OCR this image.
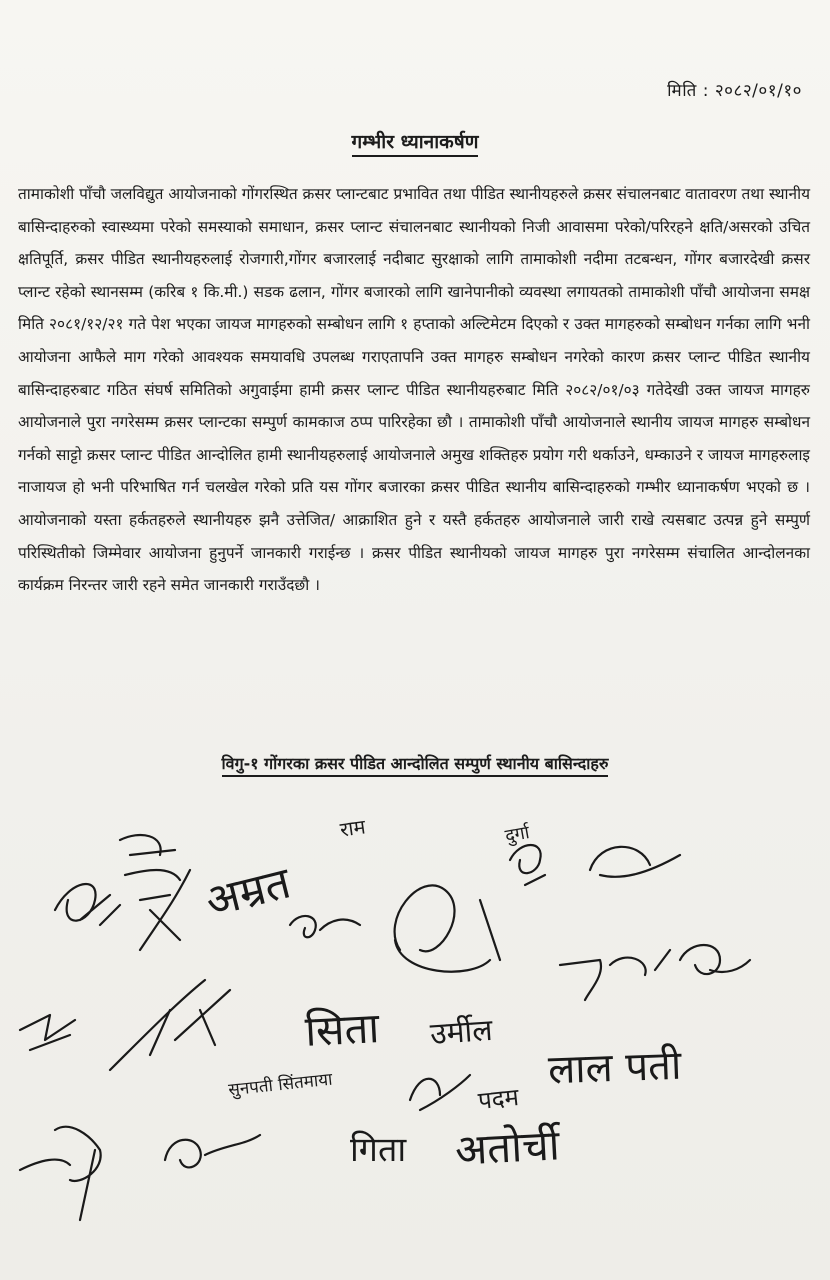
मिति : २०८२/०१/१०
गम्भीर ध्यानाकर्षण
तामाकोशी पाँचौ जलविद्युत आयोजनाको गोंगरस्थित क्रसर प्लान्टबाट प्रभावित तथा पीडित स्थानीयहरुले क्रसर संचालनबाट वातावरण तथा स्थानीय बासिन्दाहरुको स्वास्थ्यमा परेको समस्याको समाधान, क्रसर प्लान्ट संचालनबाट स्थानीयको निजी आवासमा परेको/परिरहने क्षति/असरको उचित क्षतिपूर्ति, क्रसर पीडित स्थानीयहरुलाई रोजगारी,गोंगर बजारलाई नदीबाट सुरक्षाको लागि तामाकोशी नदीमा तटबन्धन, गोंगर बजारदेखी क्रसर प्लान्ट रहेको स्थानसम्म (करिब १ कि.मी.) सडक ढलान, गोंगर बजारको लागि खानेपानीको व्यवस्था लगायतको तामाकोशी पाँचौ आयोजना समक्ष मिति २०८१/१२/२१ गते पेश भएका जायज मागहरुको सम्बोधन लागि १ हप्ताको अल्टिमेटम दिएको र उक्त मागहरुको सम्बोधन गर्नका लागि भनी आयोजना आफैले माग गरेको आवश्यक समयावधि उपलब्ध गराएतापनि उक्त मागहरु सम्बोधन नगरेको कारण क्रसर प्लान्ट पीडित स्थानीय बासिन्दाहरुबाट गठित संघर्ष समितिको अगुवाईमा हामी क्रसर प्लान्ट पीडित स्थानीयहरुबाट मिति २०८२/०१/०३ गतेदेखी उक्त जायज मागहरु आयोजनाले पुरा नगरेसम्म क्रसर प्लान्टका सम्पुर्ण कामकाज ठप्प पारिरहेका छौ । तामाकोशी पाँचौ आयोजनाले स्थानीय जायज मागहरु सम्बोधन गर्नको साट्टो क्रसर प्लान्ट पीडित आन्दोलित हामी स्थानीयहरुलाई आयोजनाले अमुख शक्तिहरु प्रयोग गरी थर्काउने, धम्काउने र जायज मागहरुलाइ नाजायज हो भनी परिभाषित गर्न चलखेल गरेको प्रति यस गोंगर बजारका क्रसर पीडित स्थानीय बासिन्दाहरुको गम्भीर ध्यानाकर्षण भएको छ । आयोजनाको यस्ता हर्कतहरुले स्थानीयहरु झनै उत्तेजित/ आक्राशित हुने र यस्तै हर्कतहरु आयोजनाले जारी राखे त्यसबाट उत्पन्न हुने सम्पुर्ण परिस्थितीको जिम्मेवार आयोजना हुनुपर्ने जानकारी गराईन्छ । क्रसर पीडित स्थानीयको जायज मागहरु पुरा नगरेसम्म संचालित आन्दोलनका कार्यक्रम निरन्तर जारी रहने समेत जानकारी गराउँदछौ ।
विगु-१ गोंगरका क्रसर पीडित आन्दोलित सम्पुर्ण स्थानीय बासिन्दाहरु
राम
अम्रत
सिता उर्मील
सुनपती सिंतमाया	लाल पती
पदम
गिता अतोर्ची
दुर्गा
